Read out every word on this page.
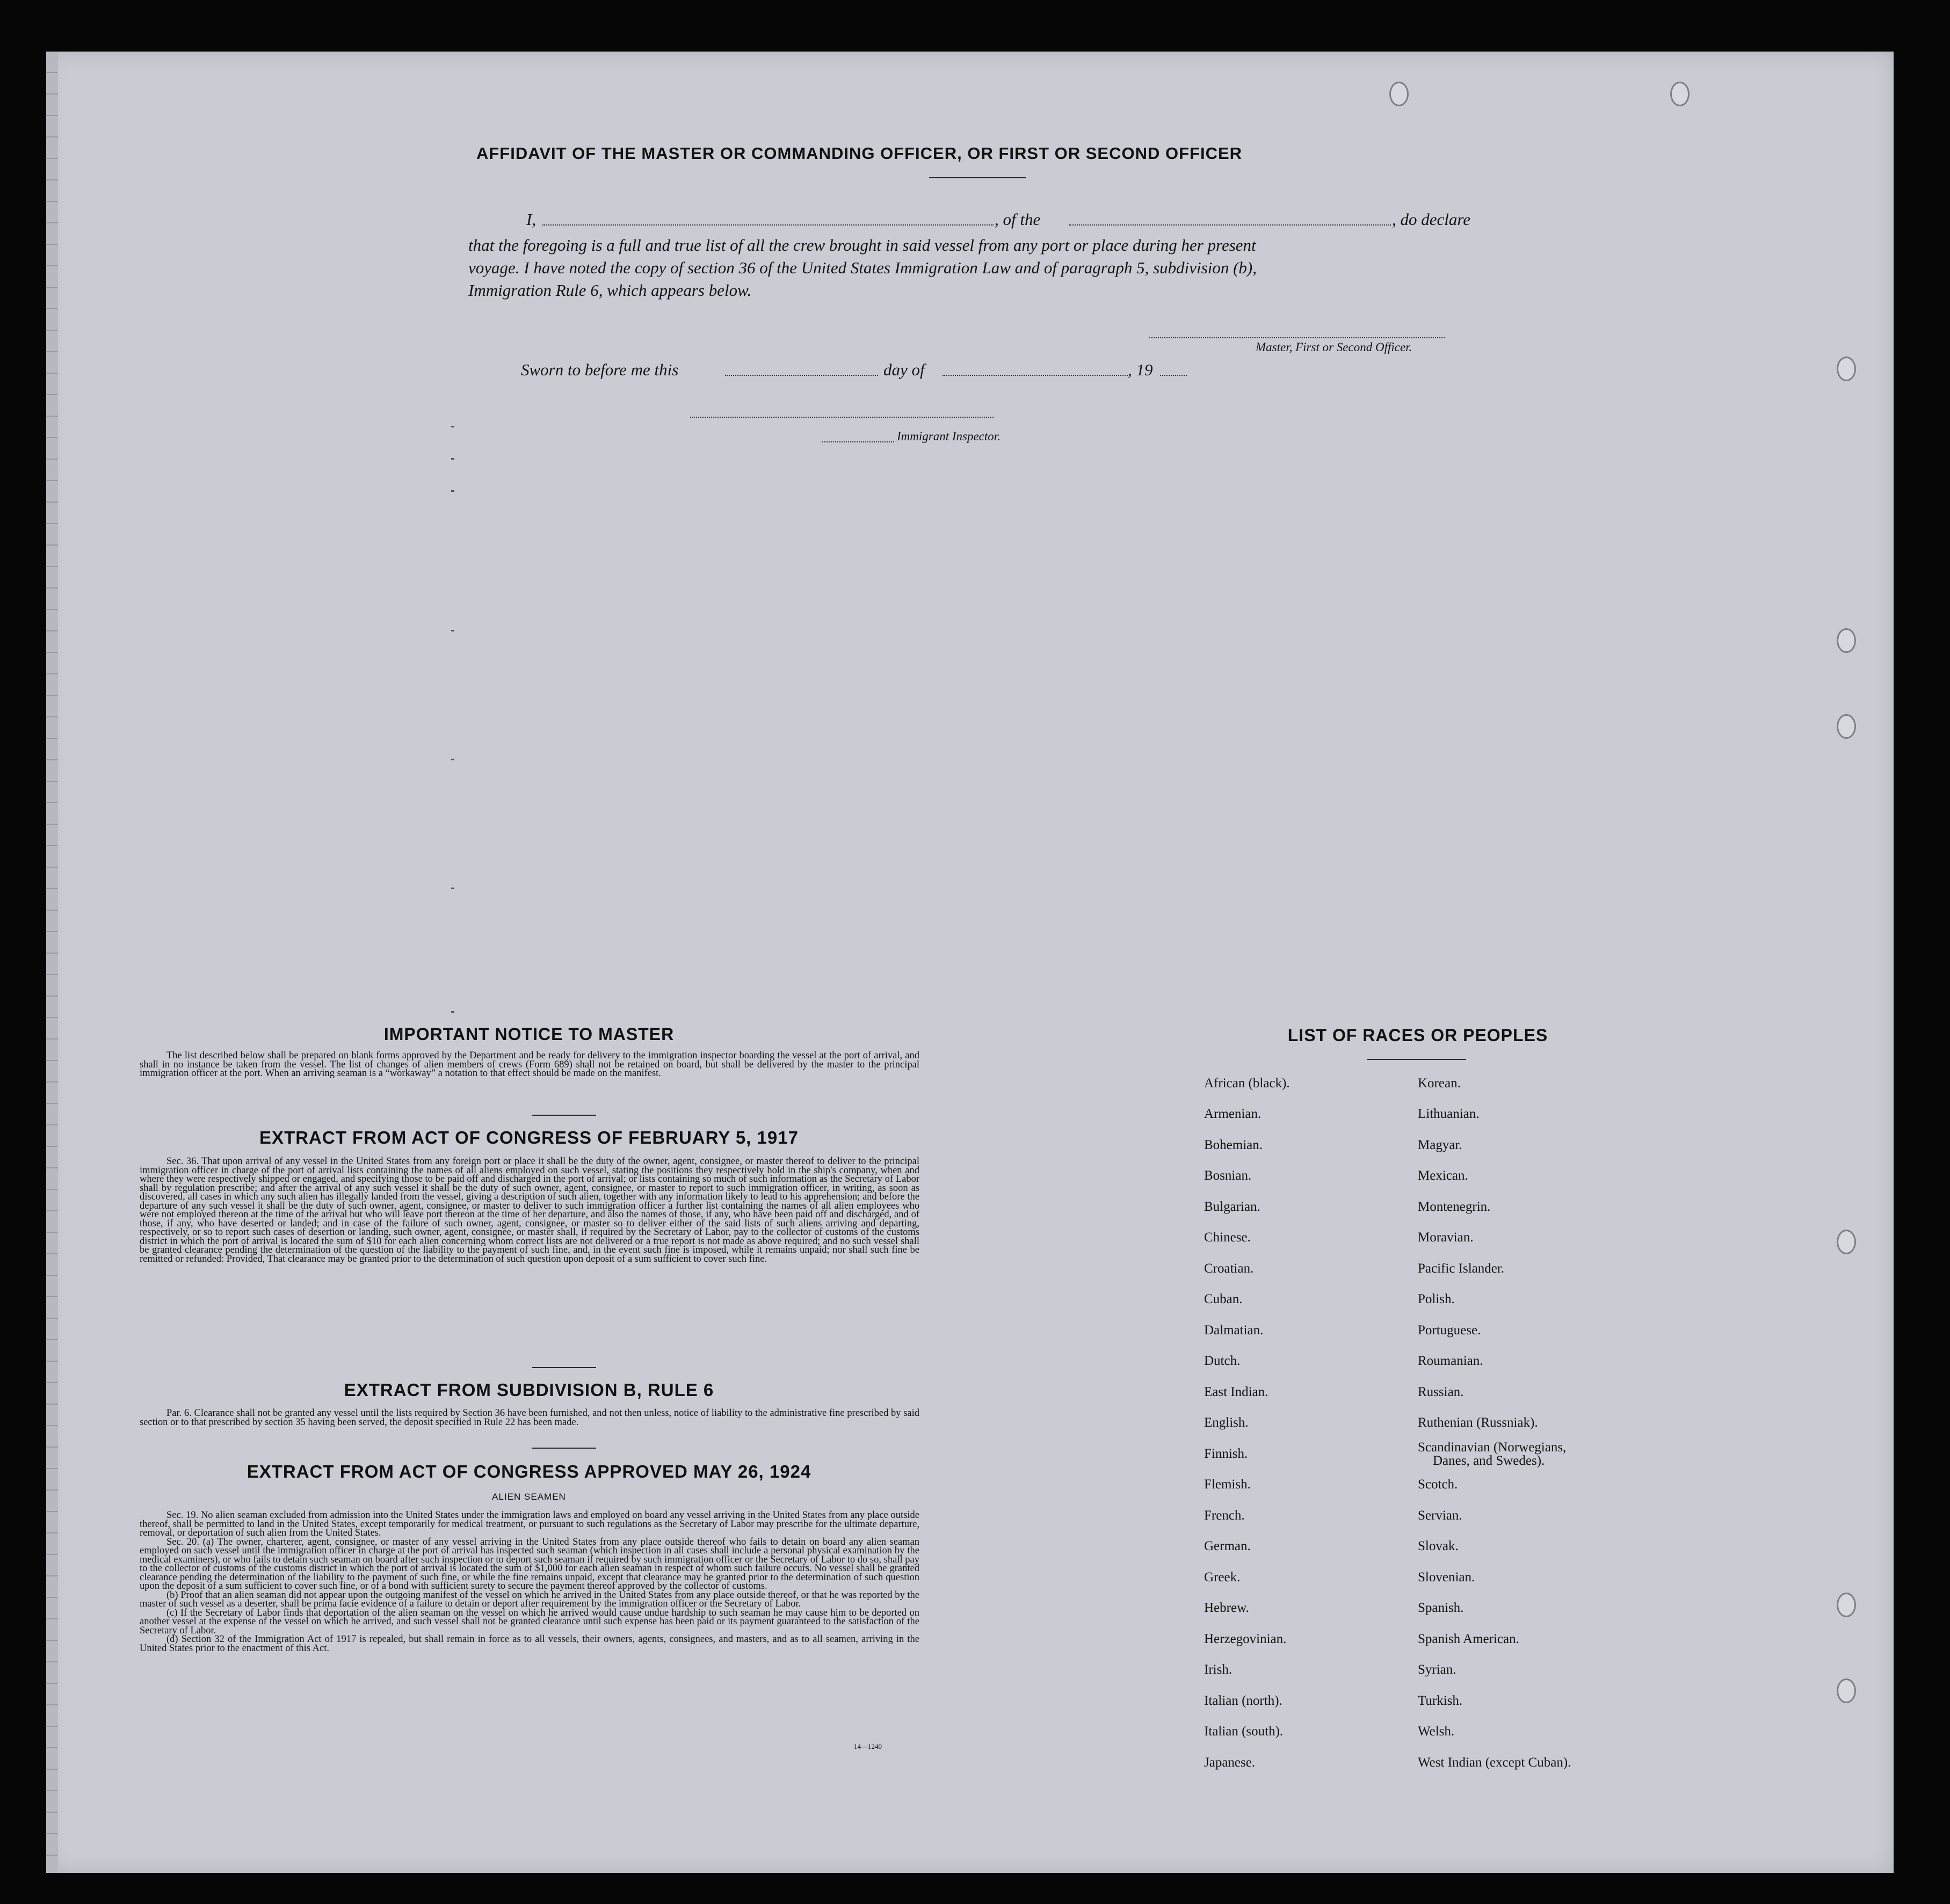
AFFIDAVIT OF THE MASTER OR COMMANDING OFFICER, OR FIRST OR SECOND OFFICER
I,	, of the	, do declare
that the foregoing is a full and true list of all the crew brought in said vessel from any port or place during her present
voyage. I have noted the copy of section 36 of the United States Immigration Law and of paragraph 5, subdivision (b),
Immigration Rule 6, which appears below.
Master, First or Second Officer.
Sworn to before me this	day of	, 19
Immigrant Inspector.
IMPORTANT NOTICE TO MASTER
The list described below shall be prepared on blank forms approved by the Department and be ready for delivery to the immigration inspector boarding the vessel at the port of arrival, and shall in no instance be taken from the vessel. The list of changes of alien members of crews (Form 689) shall not be retained on board, but shall be delivered by the master to the principal immigration officer at the port. When an arriving seaman is a “workaway” a notation to that effect should be made on the manifest.
EXTRACT FROM ACT OF CONGRESS OF FEBRUARY 5, 1917
Sec. 36. That upon arrival of any vessel in the United States from any foreign port or place it shall be the duty of the owner, agent, consignee, or master thereof to deliver to the principal immigration officer in charge of the port of arrival lists containing the names of all aliens employed on such vessel, stating the positions they respectively hold in the ship's company, when and where they were respectively shipped or engaged, and specifying those to be paid off and discharged in the port of arrival; or lists containing so much of such information as the Secretary of Labor shall by regulation prescribe; and after the arrival of any such vessel it shall be the duty of such owner, agent, consignee, or master to report to such immigration officer, in writing, as soon as discovered, all cases in which any such alien has illegally landed from the vessel, giving a description of such alien, together with any information likely to lead to his apprehension; and before the departure of any such vessel it shall be the duty of such owner, agent, consignee, or master to deliver to such immigration officer a further list containing the names of all alien employees who were not employed thereon at the time of the arrival but who will leave port thereon at the time of her departure, and also the names of those, if any, who have been paid off and discharged, and of those, if any, who have deserted or landed; and in case of the failure of such owner, agent, consignee, or master so to deliver either of the said lists of such aliens arriving and departing, respectively, or so to report such cases of desertion or landing, such owner, agent, consignee, or master shall, if required by the Secretary of Labor, pay to the collector of customs of the customs district in which the port of arrival is located the sum of $10 for each alien concerning whom correct lists are not delivered or a true report is not made as above required; and no such vessel shall be granted clearance pending the determination of the question of the liability to the payment of such fine, and, in the event such fine is imposed, while it remains unpaid; nor shall such fine be remitted or refunded: Provided, That clearance may be granted prior to the determination of such question upon deposit of a sum sufficient to cover such fine.
EXTRACT FROM SUBDIVISION B, RULE 6
Par. 6. Clearance shall not be granted any vessel until the lists required by Section 36 have been furnished, and not then unless, notice of liability to the administrative fine prescribed by said section or to that prescribed by section 35 having been served, the deposit specified in Rule 22 has been made.
EXTRACT FROM ACT OF CONGRESS APPROVED MAY 26, 1924
ALIEN SEAMEN

Sec. 19. No alien seaman excluded from admission into the United States under the immigration laws and employed on board any vessel arriving in the United States from any place outside thereof, shall be permitted to land in the United States, except temporarily for medical treatment, or pursuant to such regulations as the Secretary of Labor may prescribe for the ultimate departure, removal, or deportation of such alien from the United States.

Sec. 20. (a) The owner, charterer, agent, consignee, or master of any vessel arriving in the United States from any place outside thereof who fails to detain on board any alien seaman employed on such vessel until the immigration officer in charge at the port of arrival has inspected such seaman (which inspection in all cases shall include a personal physical examination by the medical examiners), or who fails to detain such seaman on board after such inspection or to deport such seaman if required by such immigration officer or the Secretary of Labor to do so, shall pay to the collector of customs of the customs district in which the port of arrival is located the sum of $1,000 for each alien seaman in respect of whom such failure occurs. No vessel shall be granted clearance pending the determination of the liability to the payment of such fine, or while the fine remains unpaid, except that clearance may be granted prior to the determination of such question upon the deposit of a sum sufficient to cover such fine, or of a bond with sufficient surety to secure the payment thereof approved by the collector of customs.

(b) Proof that an alien seaman did not appear upon the outgoing manifest of the vessel on which he arrived in the United States from any place outside thereof, or that he was reported by the master of such vessel as a deserter, shall be prima facie evidence of a failure to detain or deport after requirement by the immigration officer or the Secretary of Labor.

(c) If the Secretary of Labor finds that deportation of the alien seaman on the vessel on which he arrived would cause undue hardship to such seaman he may cause him to be deported on another vessel at the expense of the vessel on which he arrived, and such vessel shall not be granted clearance until such expense has been paid or its payment guaranteed to the satisfaction of the Secretary of Labor.

(d) Section 32 of the Immigration Act of 1917 is repealed, but shall remain in force as to all vessels, their owners, agents, consignees, and masters, and as to all seamen, arriving in the United States prior to the enactment of this Act.

14—1240
LIST OF RACES OR PEOPLES
African (black).
Armenian.
Bohemian.
Bosnian.
Bulgarian.
Chinese.
Croatian.
Cuban.
Dalmatian.
Dutch.
East Indian.
English.
Finnish.
Flemish.
French.
German.
Greek.
Hebrew.
Herzegovinian.
Irish.
Italian (north).
Italian (south).
Japanese.
Korean.
Lithuanian.
Magyar.
Mexican.
Montenegrin.
Moravian.
Pacific Islander.
Polish.
Portuguese.
Roumanian.
Russian.
Ruthenian (Russniak).
Scandinavian (Norwegians,
Danes, and Swedes).
Scotch.
Servian.
Slovak.
Slovenian.
Spanish.
Spanish American.
Syrian.
Turkish.
Welsh.
West Indian (except Cuban).
